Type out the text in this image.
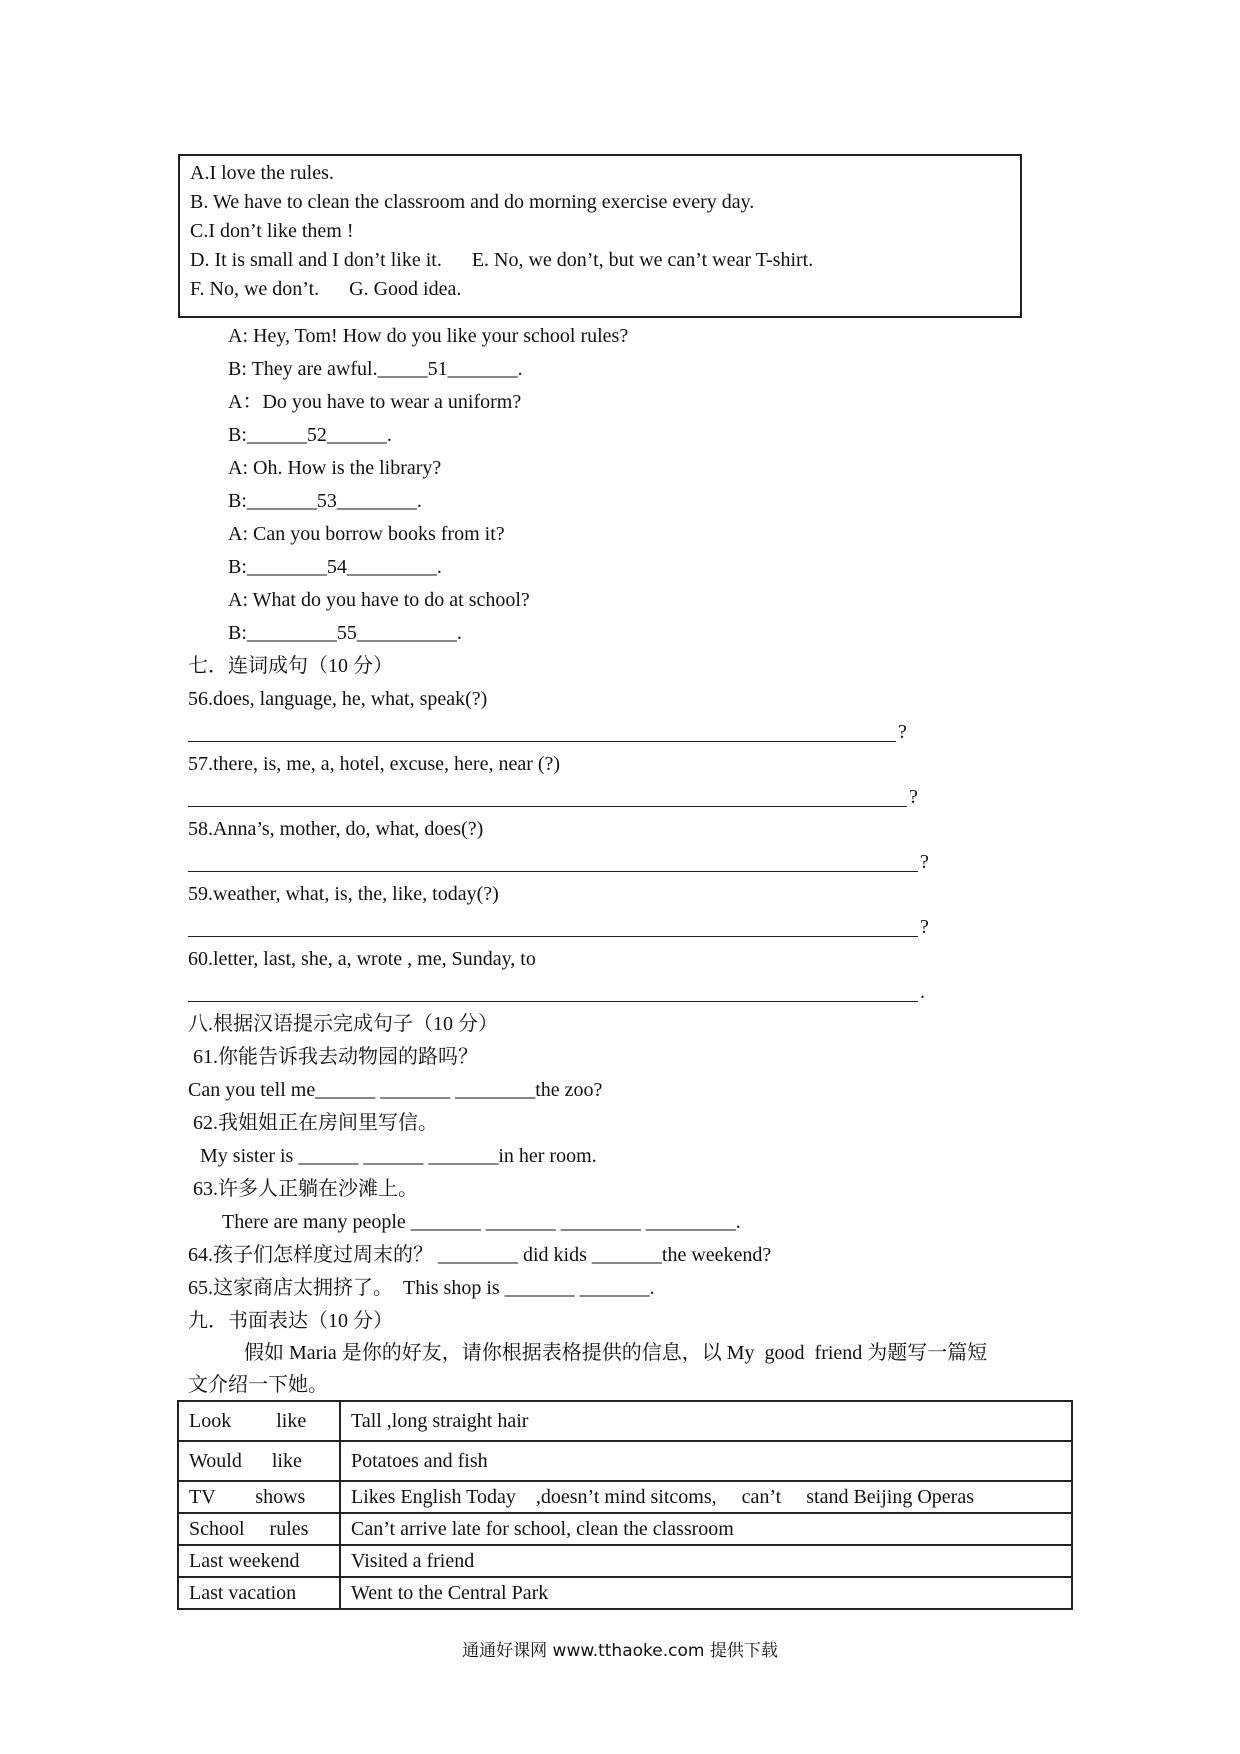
A.I love the rules.
B. We have to clean the classroom and do morning exercise every day.
C.I don’t like them !
D. It is small and I don’t like it.      E. No, we don’t, but we can’t wear T-shirt.
F. No, we don’t.      G. Good idea.
A: Hey, Tom! How do you like your school rules?
B: They are awful._____51_______.
A：Do you have to wear a uniform?
B:______52______.
A: Oh. How is the library?
B:_______53________.
A: Can you borrow books from it?
B:________54_________.
A: What do you have to do at school?
B:_________55__________.
七．连词成句（10 分）
56.does, language, he, what, speak(?)
?
57.there, is, me, a, hotel, excuse, here, near (?)
?
58.Anna’s, mother, do, what, does(?)
?
59.weather, what, is, the, like, today(?)
?
60.letter, last, she, a, wrote , me, Sunday, to
.
八.根据汉语提示完成句子（10 分）
61.你能告诉我去动物园的路吗？
Can you tell me______ _______ ________the zoo?
62.我姐姐正在房间里写信。
My sister is ______ ______ _______in her room.
63.许多人正躺在沙滩上。
There are many people _______ _______ ________ _________.
64.孩子们怎样度过周末的？ ________ did kids _______the weekend?
65.这家商店太拥挤了。  This shop is _______ _______.
九．书面表达（10 分）
假如 Maria 是你的好友，请你根据表格提供的信息，以 My  good  friend 为题写一篇短
文介绍一下她。
Look         like	Tall ,long straight hair
Would      like	Potatoes and fish
TV        shows	Likes English Today    ,doesn’t mind sitcoms,     can’t     stand Beijing Operas
School     rules	Can’t arrive late for school, clean the classroom
Last weekend	Visited a friend
Last vacation	Went to the Central Park
通通好课网 www.tthaoke.com 提供下载
